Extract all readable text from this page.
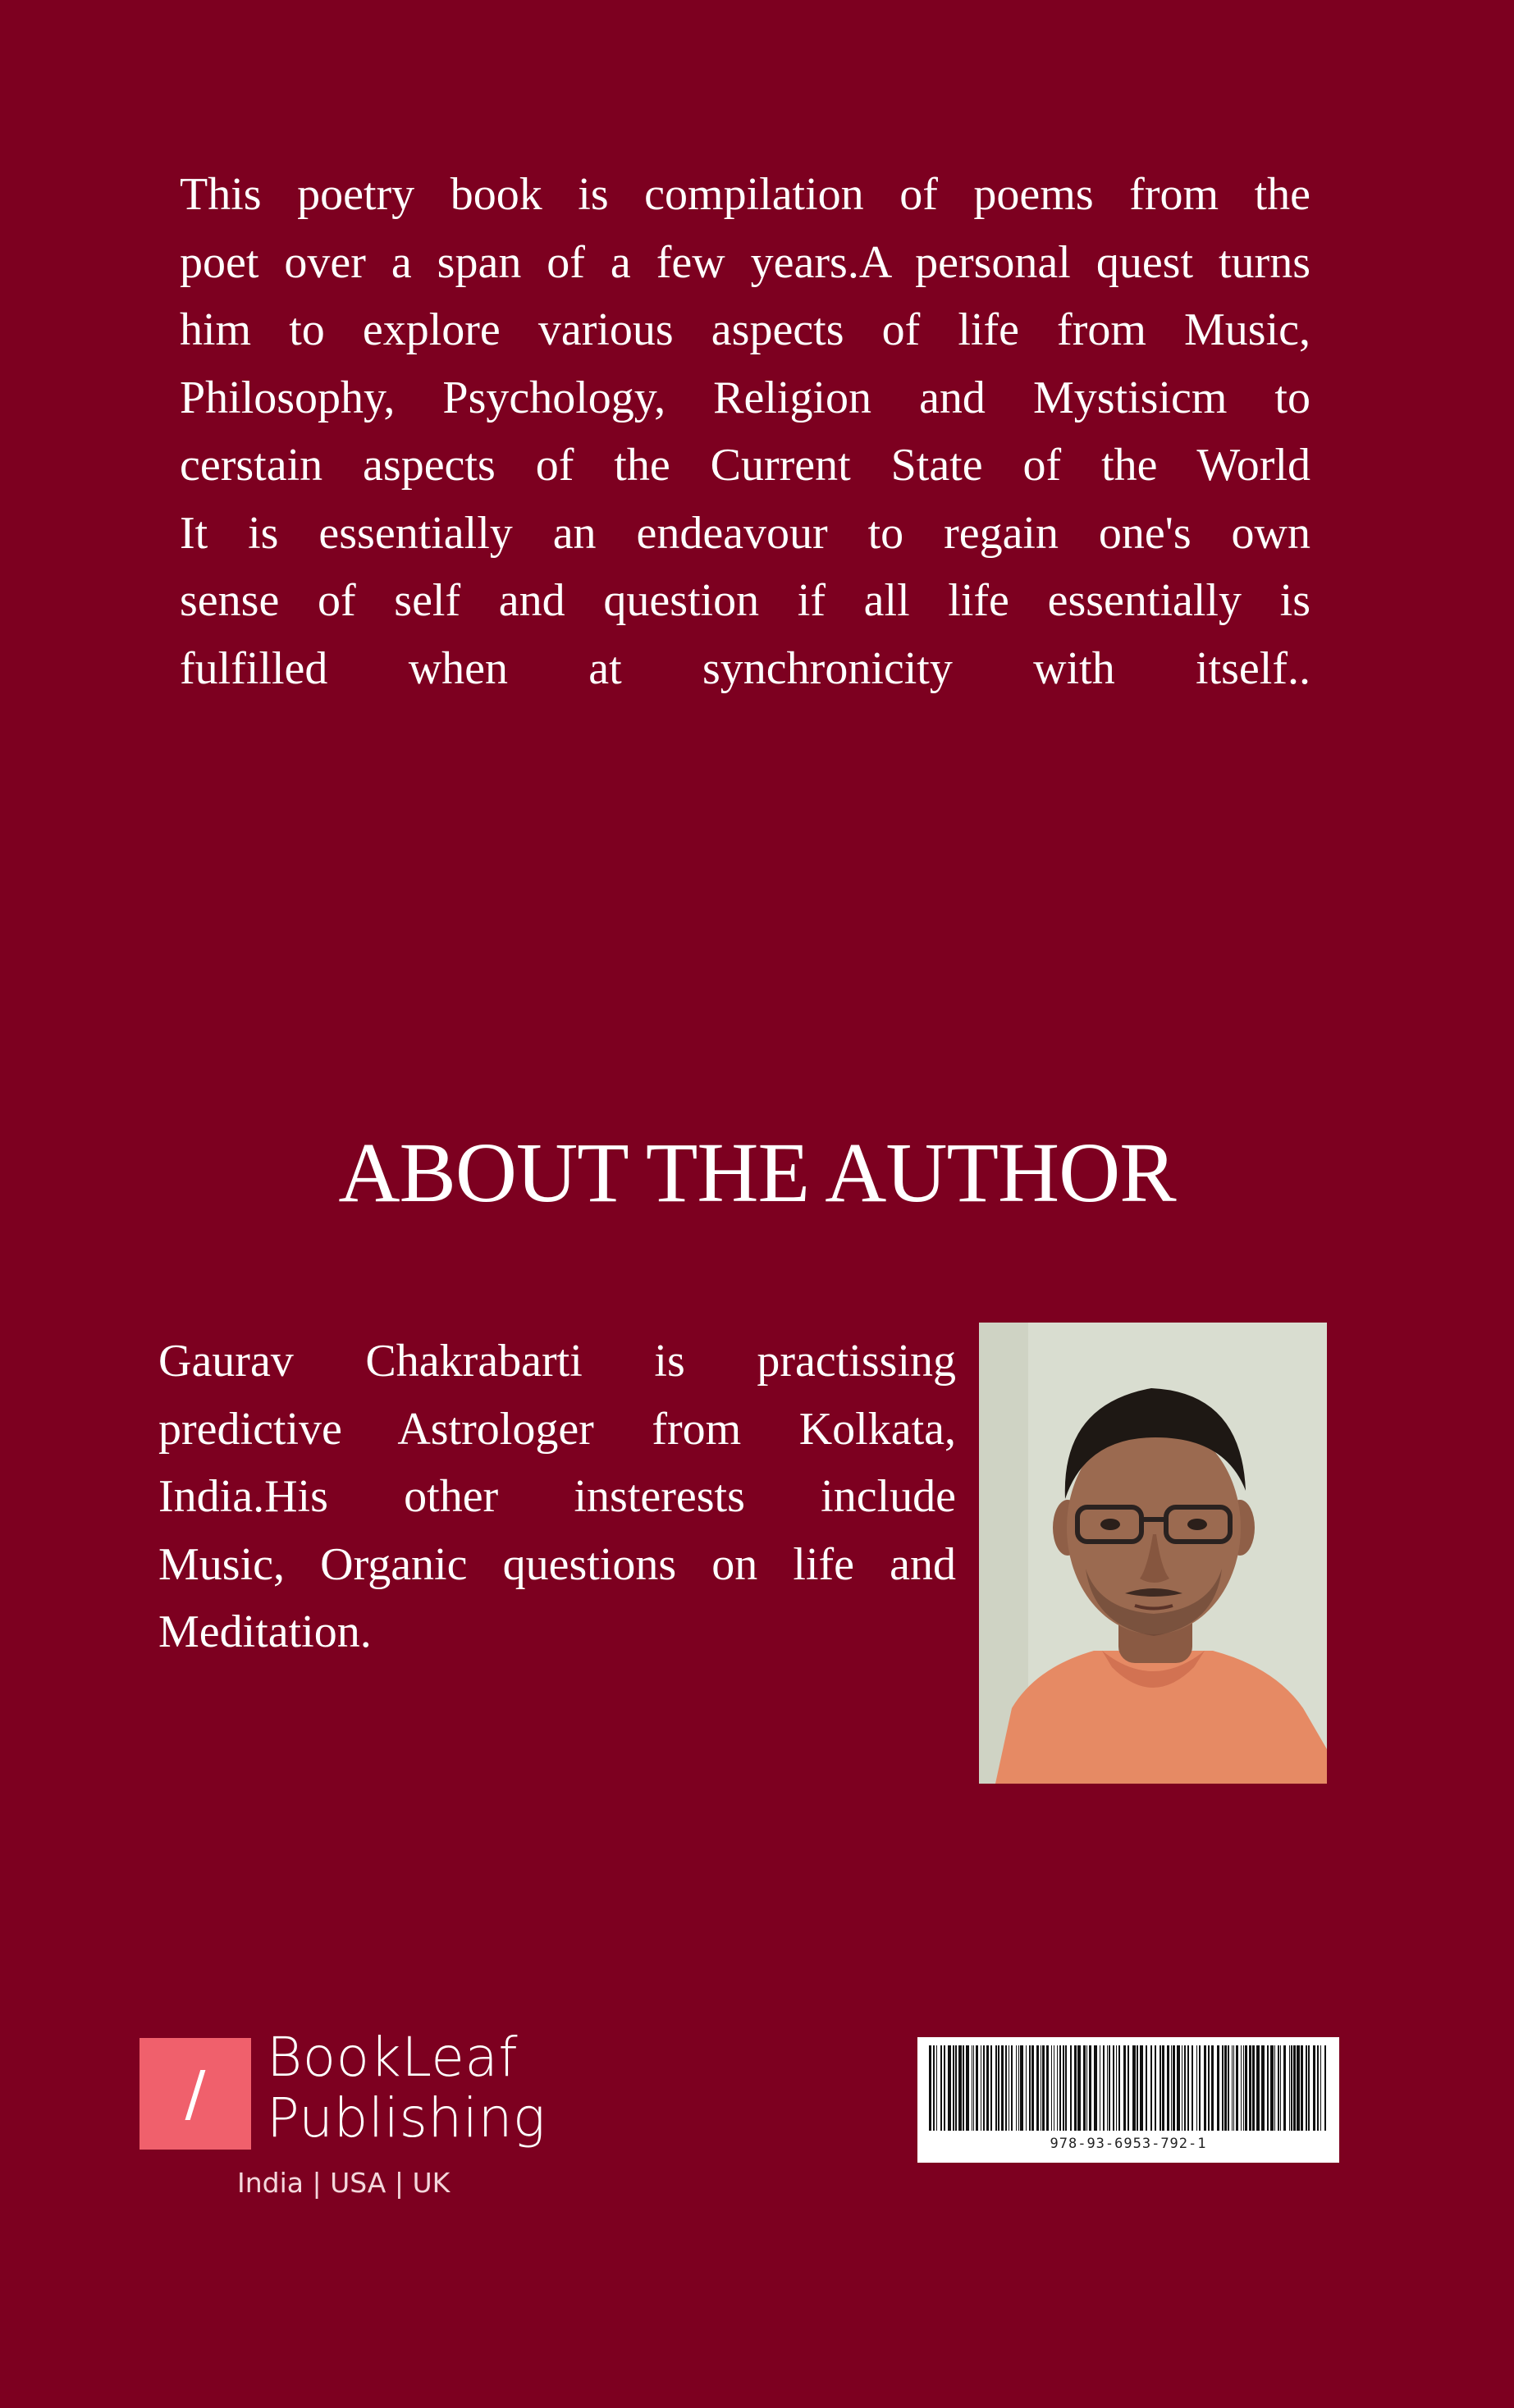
This poetry book is compilation of poems from the
poet over a span of a few years.A personal quest turns
him to explore various aspects of life from Music,
Philosophy, Psychology, Religion and Mystisicm to
cerstain aspects of the Current State of the World
It is essentially an endeavour to regain one's own
sense of self and question if all life essentially is
fulfilled when at synchronicity with itself..
ABOUT THE AUTHOR
Gaurav Chakrabarti is practissing
predictive Astrologer from Kolkata,
India.His other insterests include
Music, Organic questions on life and
Meditation.
/
BookLeaf
Publishing
India | USA | UK
978-93-6953-792-1
